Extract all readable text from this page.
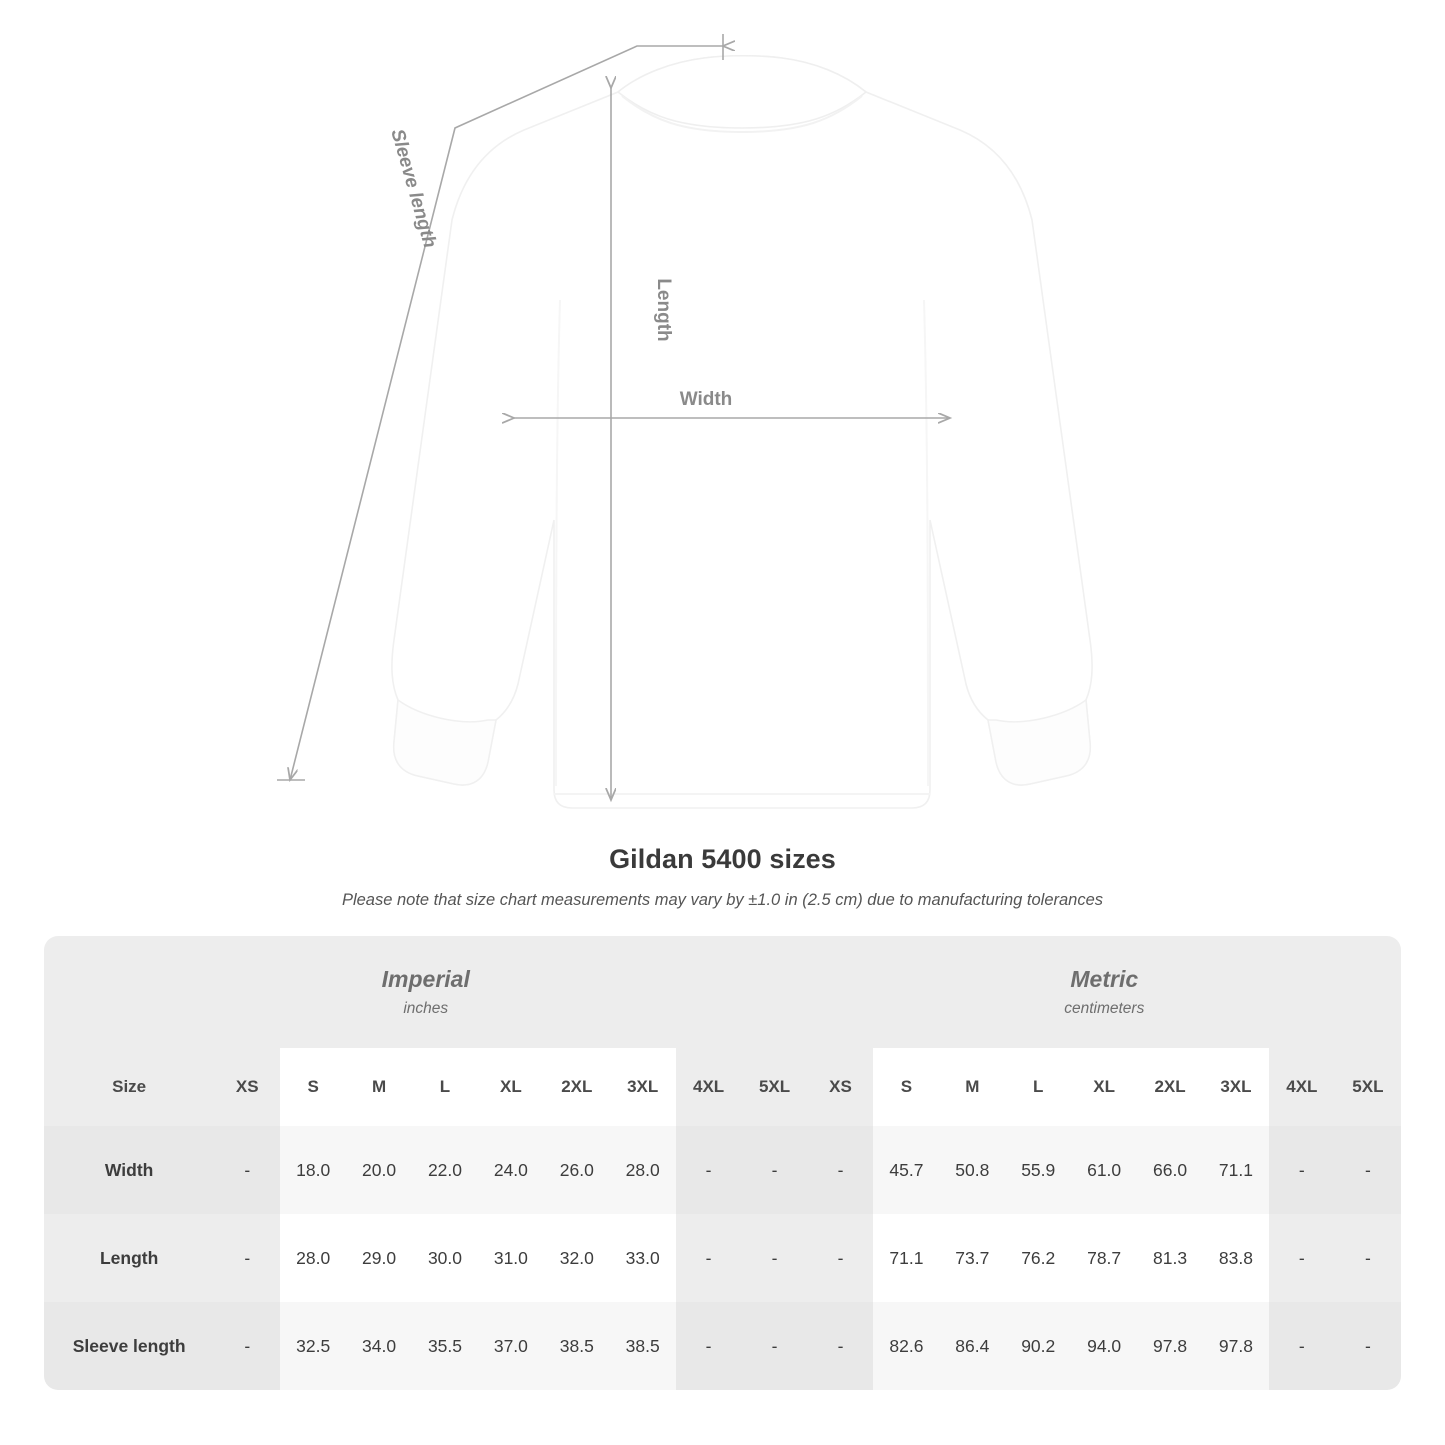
Sleeve length
Length
Width
Gildan 5400 sizes
Please note that size chart measurements may vary by ±1.0 in (2.5 cm) due to manufacturing tolerances
Imperial
inches

Metric
centimeters

Size	XS	S	M	L	XL	2XL	3XL	4XL	5XL	XS	S	M	L	XL	2XL	3XL	4XL	5XL
Width	-	18.0	20.0	22.0	24.0	26.0	28.0	-	-	-	45.7	50.8	55.9	61.0	66.0	71.1	-	-
Length	-	28.0	29.0	30.0	31.0	32.0	33.0	-	-	-	71.1	73.7	76.2	78.7	81.3	83.8	-	-
Sleeve length	-	32.5	34.0	35.5	37.0	38.5	38.5	-	-	-	82.6	86.4	90.2	94.0	97.8	97.8	-	-
